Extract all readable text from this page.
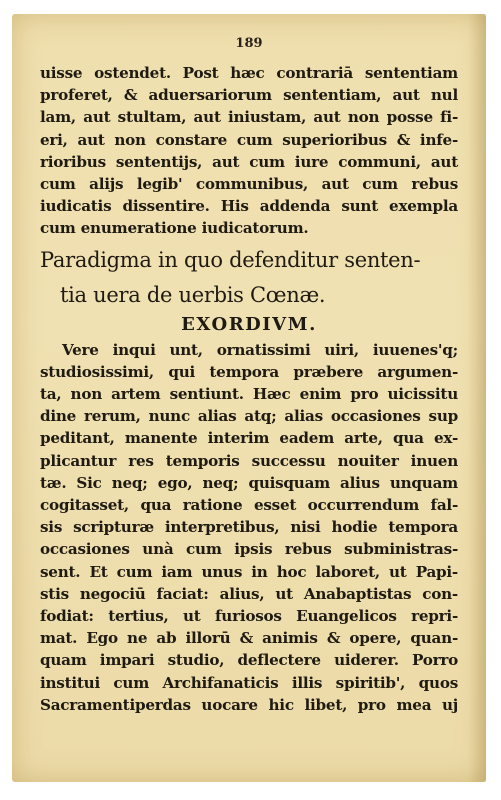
189
uisse ostendet. Post hæc contrariā sententiam
proferet, & aduersariorum sententiam, aut nul
lam, aut stultam, aut iniustam, aut non posse fi-
eri, aut non constare cum superioribus & infe-
rioribus sententijs, aut cum iure communi, aut
cum alijs legib' communibus, aut cum rebus
iudicatis dissentire. His addenda sunt exempla
cum enumeratione iudicatorum.
Paradigma in quo defenditur senten-
tia uera de uerbis Cœnæ.
EXORDIVM.
Vere inqui unt, ornatissimi uiri, iuuenes'q;
studiosissimi, qui tempora præbere argumen-
ta, non artem sentiunt. Hæc enim pro uicissitu
dine rerum, nunc alias atq; alias occasiones sup
peditant, manente interim eadem arte, qua ex-
plicantur res temporis successu nouiter inuen
tæ. Sic neq; ego, neq; quisquam alius unquam
cogitasset, qua ratione esset occurrendum fal-
sis scripturæ interpretibus, nisi hodie tempora
occasiones unà cum ipsis rebus subministras-
sent. Et cum iam unus in hoc laboret, ut Papi-
stis negociū faciat: alius, ut Anabaptistas con-
fodiat: tertius, ut furiosos Euangelicos repri-
mat. Ego ne ab illorū & animis & opere, quan-
quam impari studio, deflectere uiderer. Porro
institui cum Archifanaticis illis spiritib', quos
Sacramentiperdas uocare hic libet, pro mea uj
